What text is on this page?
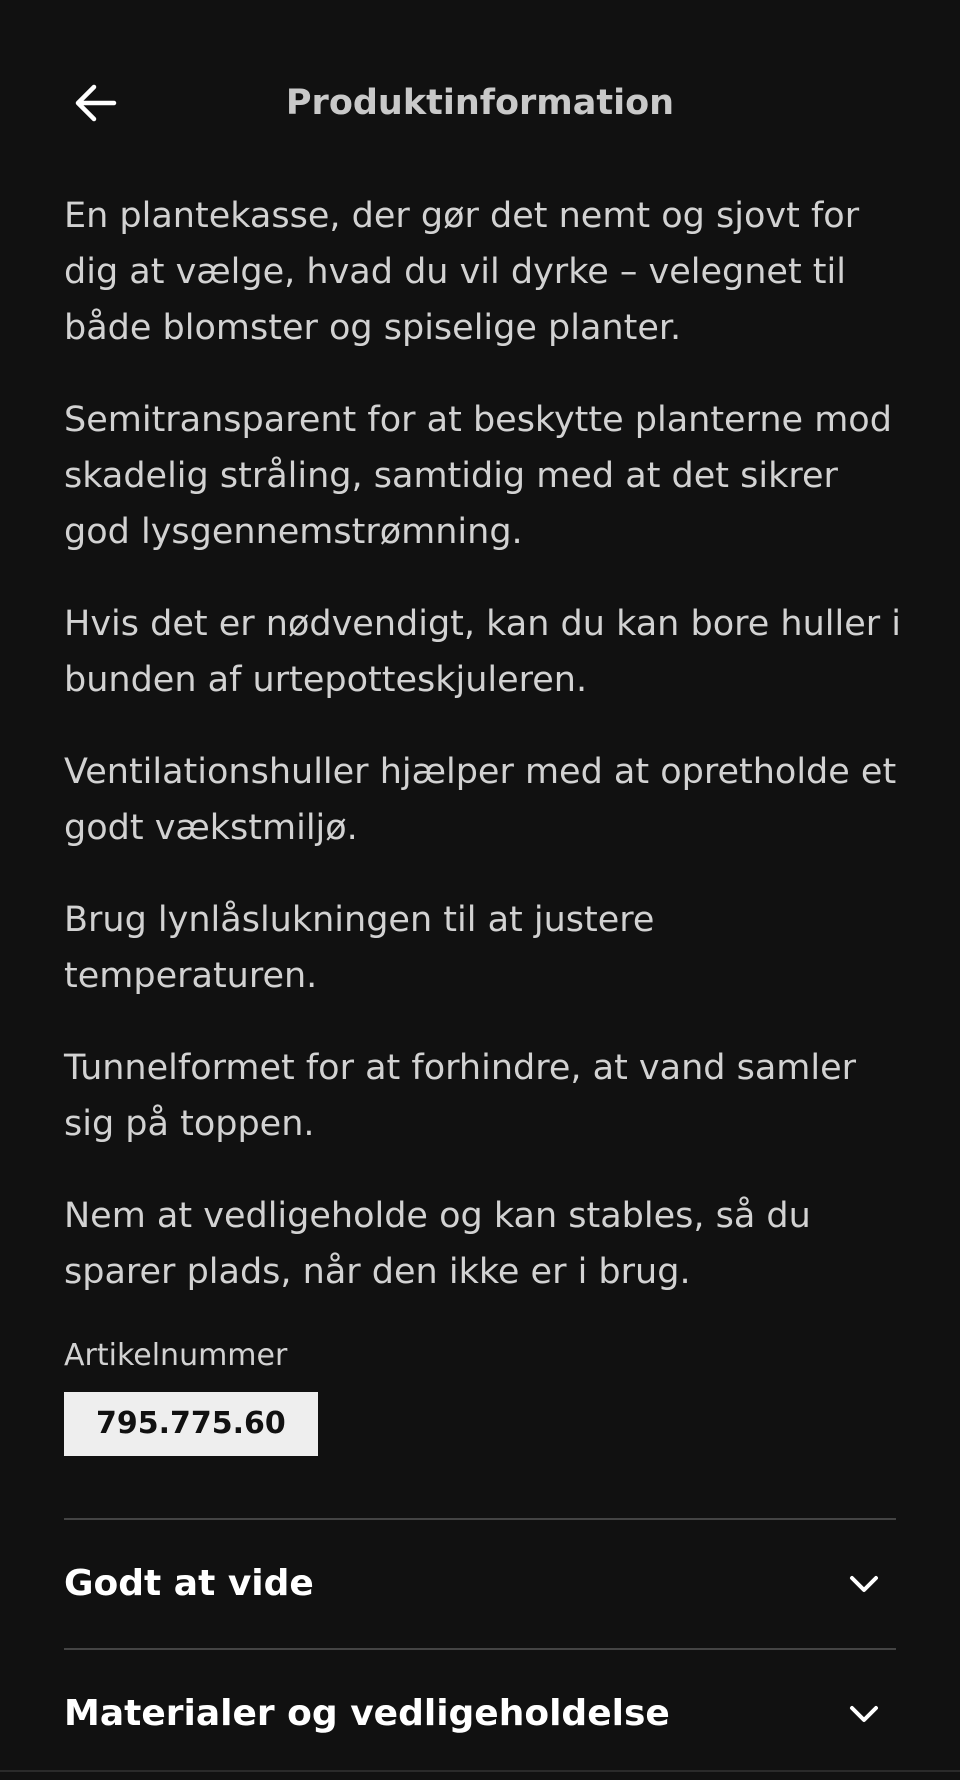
Produktinformation

En plantekasse, der gør det nemt og sjovt for dig at vælge, hvad du vil dyrke – velegnet til både blomster og spiselige planter.

Semitransparent for at beskytte planterne mod skadelig stråling, samtidig med at det sikrer god lysgennemstrømning.

Hvis det er nødvendigt, kan du kan bore huller i bunden af urtepotteskjuleren.

Ventilationshuller hjælper med at opretholde et godt vækstmiljø.

Brug lynlåslukningen til at justere temperaturen.

Tunnelformet for at forhindre, at vand samler sig på toppen.

Nem at vedligeholde og kan stables, så du sparer plads, når den ikke er i brug.

Artikelnummer
795.775.60
Godt at vide
Materialer og vedligeholdelse
